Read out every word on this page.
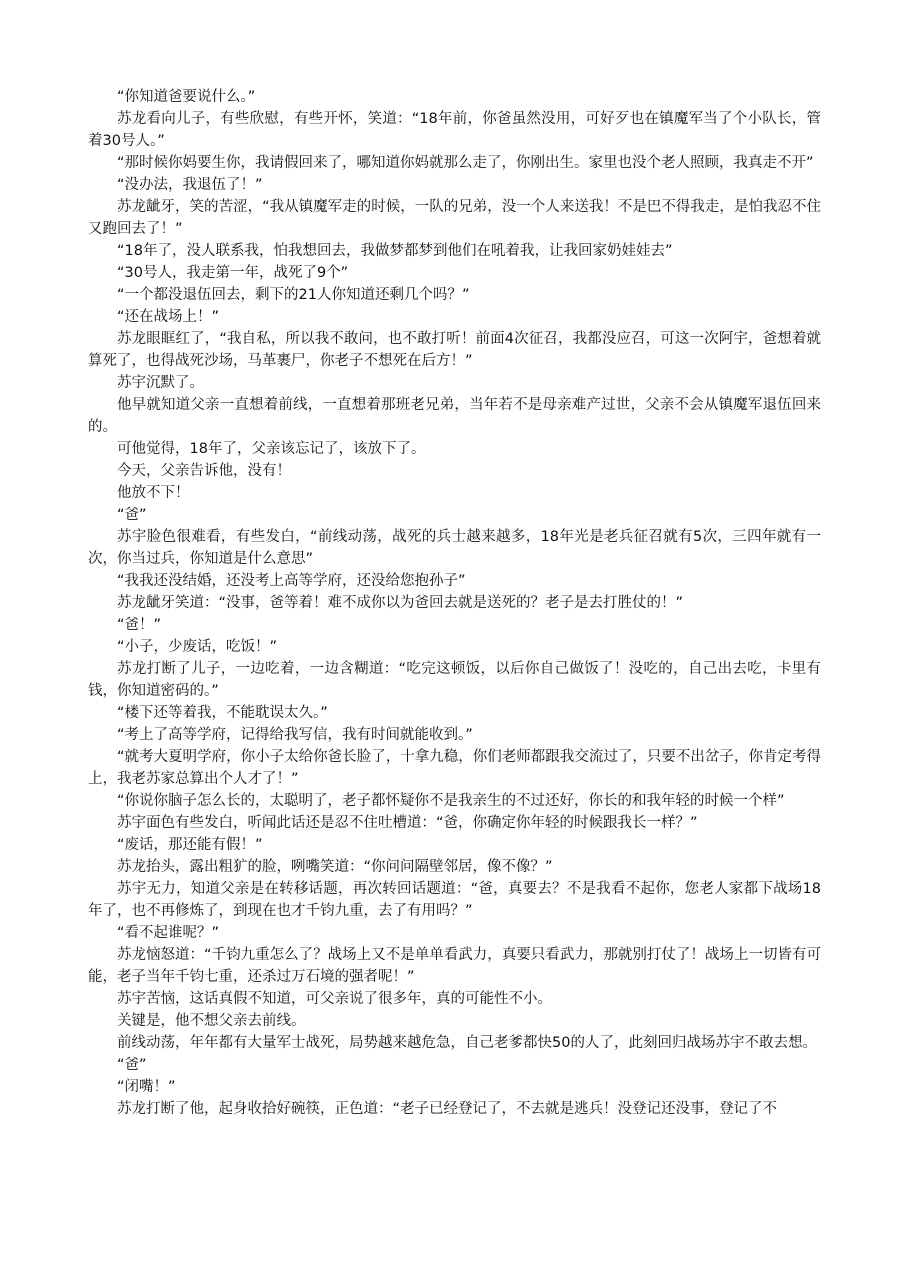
“你知道爸要说什么。”

苏龙看向儿子，有些欣慰，有些开怀，笑道：“18年前，你爸虽然没用，可好歹也在镇魔军当了个小队长，管着30号人。”

“那时候你妈要生你，我请假回来了，哪知道你妈就那么走了，你刚出生。家里也没个老人照顾，我真走不开”

“没办法，我退伍了！”

苏龙龇牙，笑的苦涩，“我从镇魔军走的时候，一队的兄弟，没一个人来送我！不是巴不得我走，是怕我忍不住又跑回去了！”

“18年了，没人联系我，怕我想回去，我做梦都梦到他们在吼着我，让我回家奶娃娃去”

“30号人，我走第一年，战死了9个”

“一个都没退伍回去，剩下的21人你知道还剩几个吗？”

“还在战场上！”

苏龙眼眶红了，“我自私，所以我不敢问，也不敢打听！前面4次征召，我都没应召，可这一次阿宇，爸想着就算死了，也得战死沙场，马革裹尸，你老子不想死在后方！”

苏宇沉默了。

他早就知道父亲一直想着前线，一直想着那班老兄弟，当年若不是母亲难产过世，父亲不会从镇魔军退伍回来的。

可他觉得，18年了，父亲该忘记了，该放下了。

今天，父亲告诉他，没有！

他放不下！

“爸”

苏宇脸色很难看，有些发白，“前线动荡，战死的兵士越来越多，18年光是老兵征召就有5次，三四年就有一次，你当过兵，你知道是什么意思”

“我我还没结婚，还没考上高等学府，还没给您抱孙子”

苏龙龇牙笑道：“没事，爸等着！难不成你以为爸回去就是送死的？老子是去打胜仗的！”

“爸！”

“小子，少废话，吃饭！”

苏龙打断了儿子，一边吃着，一边含糊道：“吃完这顿饭，以后你自己做饭了！没吃的，自己出去吃，卡里有钱，你知道密码的。”

“楼下还等着我，不能耽误太久。”

“考上了高等学府，记得给我写信，我有时间就能收到。”

“就考大夏明学府，你小子太给你爸长脸了，十拿九稳，你们老师都跟我交流过了，只要不出岔子，你肯定考得上，我老苏家总算出个人才了！”

“你说你脑子怎么长的，太聪明了，老子都怀疑你不是我亲生的不过还好，你长的和我年轻的时候一个样”

苏宇面色有些发白，听闻此话还是忍不住吐槽道：“爸，你确定你年轻的时候跟我长一样？”

“废话，那还能有假！”

苏龙抬头，露出粗犷的脸，咧嘴笑道：“你问问隔壁邻居，像不像？”

苏宇无力，知道父亲是在转移话题，再次转回话题道：“爸，真要去？不是我看不起你，您老人家都下战场18年了，也不再修炼了，到现在也才千钧九重，去了有用吗？”

“看不起谁呢？”

苏龙恼怒道：“千钧九重怎么了？战场上又不是单单看武力，真要只看武力，那就别打仗了！战场上一切皆有可能，老子当年千钧七重，还杀过万石境的强者呢！”

苏宇苦恼，这话真假不知道，可父亲说了很多年，真的可能性不小。

关键是，他不想父亲去前线。

前线动荡，年年都有大量军士战死，局势越来越危急，自己老爹都快50的人了，此刻回归战场苏宇不敢去想。

“爸”

“闭嘴！”

苏龙打断了他，起身收拾好碗筷，正色道：“老子已经登记了，不去就是逃兵！没登记还没事，登记了不
